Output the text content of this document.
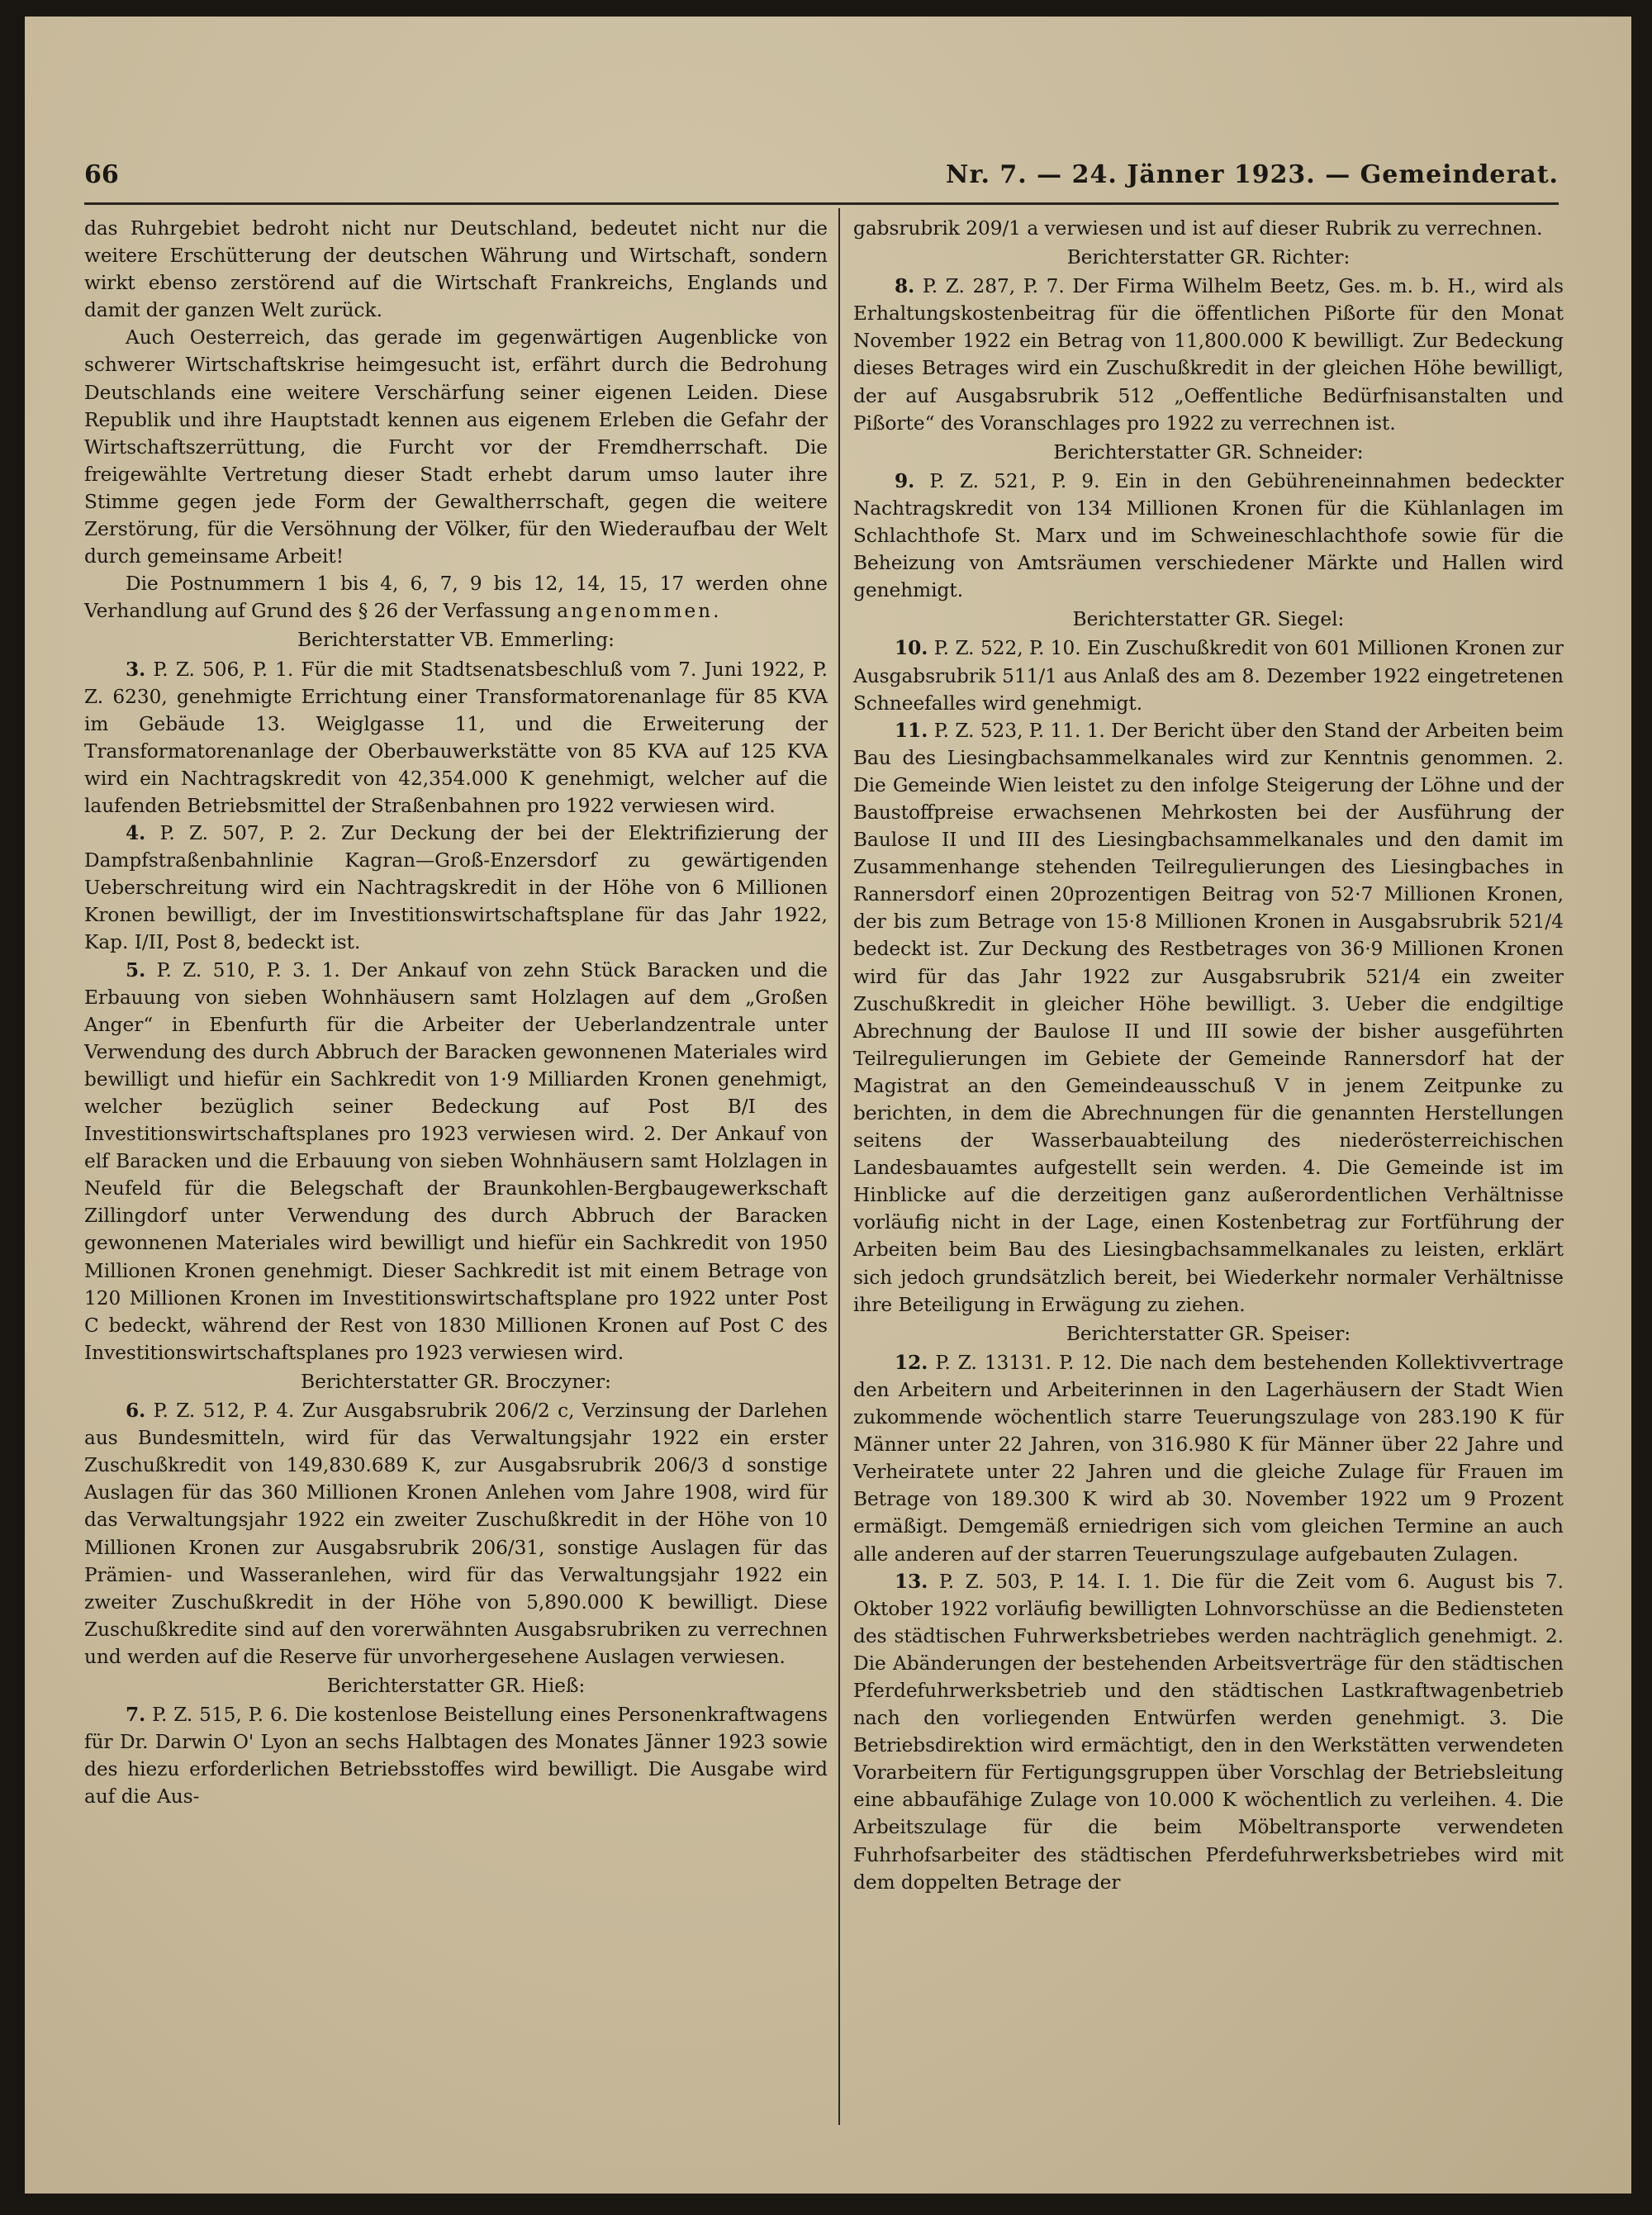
66	Nr. 7. — 24. Jänner 1923. — Gemeinderat.

das Ruhrgebiet bedroht nicht nur Deutschland, bedeutet nicht nur die weitere Erschütterung der deutschen Währung und Wirtschaft, sondern wirkt ebenso zerstörend auf die Wirtschaft Frankreichs, Englands und damit der ganzen Welt zurück.

Auch Oesterreich, das gerade im gegenwärtigen Augenblicke von schwerer Wirtschaftskrise heimgesucht ist, erfährt durch die Bedrohung Deutschlands eine weitere Verschärfung seiner eigenen Leiden. Diese Republik und ihre Hauptstadt kennen aus eigenem Erleben die Gefahr der Wirtschaftszerrüttung, die Furcht vor der Fremdherrschaft. Die freigewählte Vertretung dieser Stadt erhebt darum umso lauter ihre Stimme gegen jede Form der Gewaltherrschaft, gegen die weitere Zerstörung, für die Versöhnung der Völker, für den Wiederaufbau der Welt durch gemeinsame Arbeit!

Die Postnummern 1 bis 4, 6, 7, 9 bis 12, 14, 15, 17 werden ohne Verhandlung auf Grund des § 26 der Verfassung angenommen.

Berichterstatter VB. Emmerling:

3. P. Z. 506, P. 1. Für die mit Stadtsenatsbeschluß vom 7. Juni 1922, P. Z. 6230, genehmigte Errichtung einer Transformatorenanlage für 85 KVA im Gebäude 13. Weiglgasse 11, und die Erweiterung der Transformatorenanlage der Oberbauwerkstätte von 85 KVA auf 125 KVA wird ein Nachtragskredit von 42,354.000 K genehmigt, welcher auf die laufenden Betriebsmittel der Straßenbahnen pro 1922 verwiesen wird.

4. P. Z. 507, P. 2. Zur Deckung der bei der Elektrifizierung der Dampfstraßenbahnlinie Kagran—Groß-Enzersdorf zu gewärtigenden Ueberschreitung wird ein Nachtragskredit in der Höhe von 6 Millionen Kronen bewilligt, der im Investitionswirtschaftsplane für das Jahr 1922, Kap. I/II, Post 8, bedeckt ist.

5. P. Z. 510, P. 3. 1. Der Ankauf von zehn Stück Baracken und die Erbauung von sieben Wohnhäusern samt Holzlagen auf dem „Großen Anger“ in Ebenfurth für die Arbeiter der Ueberlandzentrale unter Verwendung des durch Abbruch der Baracken gewonnenen Materiales wird bewilligt und hiefür ein Sachkredit von 1·9 Milliarden Kronen genehmigt, welcher bezüglich seiner Bedeckung auf Post B/I des Investitionswirtschaftsplanes pro 1923 verwiesen wird. 2. Der Ankauf von elf Baracken und die Erbauung von sieben Wohnhäusern samt Holzlagen in Neufeld für die Belegschaft der Braunkohlen-Bergbaugewerkschaft Zillingdorf unter Verwendung des durch Abbruch der Baracken gewonnenen Materiales wird bewilligt und hiefür ein Sachkredit von 1950 Millionen Kronen genehmigt. Dieser Sachkredit ist mit einem Betrage von 120 Millionen Kronen im Investitionswirtschaftsplane pro 1922 unter Post C bedeckt, während der Rest von 1830 Millionen Kronen auf Post C des Investitionswirtschaftsplanes pro 1923 verwiesen wird.

Berichterstatter GR. Broczyner:

6. P. Z. 512, P. 4. Zur Ausgabsrubrik 206/2 c, Verzinsung der Darlehen aus Bundesmitteln, wird für das Verwaltungsjahr 1922 ein erster Zuschußkredit von 149,830.689 K, zur Ausgabsrubrik 206/3 d sonstige Auslagen für das 360 Millionen Kronen Anlehen vom Jahre 1908, wird für das Verwaltungsjahr 1922 ein zweiter Zuschußkredit in der Höhe von 10 Millionen Kronen zur Ausgabsrubrik 206/31, sonstige Auslagen für das Prämien- und Wasseranlehen, wird für das Verwaltungsjahr 1922 ein zweiter Zuschußkredit in der Höhe von 5,890.000 K bewilligt. Diese Zuschußkredite sind auf den vorerwähnten Ausgabsrubriken zu verrechnen und werden auf die Reserve für unvorhergesehene Auslagen verwiesen.

Berichterstatter GR. Hieß:

7. P. Z. 515, P. 6. Die kostenlose Beistellung eines Personenkraftwagens für Dr. Darwin O' Lyon an sechs Halbtagen des Monates Jänner 1923 sowie des hiezu erforderlichen Betriebsstoffes wird bewilligt. Die Ausgabe wird auf die Aus-

gabsrubrik 209/1 a verwiesen und ist auf dieser Rubrik zu verrechnen.

Berichterstatter GR. Richter:

8. P. Z. 287, P. 7. Der Firma Wilhelm Beetz, Ges. m. b. H., wird als Erhaltungskostenbeitrag für die öffentlichen Pißorte für den Monat November 1922 ein Betrag von 11,800.000 K bewilligt. Zur Bedeckung dieses Betrages wird ein Zuschußkredit in der gleichen Höhe bewilligt, der auf Ausgabsrubrik 512 „Oeffentliche Bedürfnisanstalten und Pißorte“ des Voranschlages pro 1922 zu verrechnen ist.

Berichterstatter GR. Schneider:

9. P. Z. 521, P. 9. Ein in den Gebühreneinnahmen bedeckter Nachtragskredit von 134 Millionen Kronen für die Kühlanlagen im Schlachthofe St. Marx und im Schweineschlachthofe sowie für die Beheizung von Amtsräumen verschiedener Märkte und Hallen wird genehmigt.

Berichterstatter GR. Siegel:

10. P. Z. 522, P. 10. Ein Zuschußkredit von 601 Millionen Kronen zur Ausgabsrubrik 511/1 aus Anlaß des am 8. Dezember 1922 eingetretenen Schneefalles wird genehmigt.

11. P. Z. 523, P. 11. 1. Der Bericht über den Stand der Arbeiten beim Bau des Liesingbachsammelkanales wird zur Kenntnis genommen. 2. Die Gemeinde Wien leistet zu den infolge Steigerung der Löhne und der Baustoffpreise erwachsenen Mehrkosten bei der Ausführung der Baulose II und III des Liesingbachsammelkanales und den damit im Zusammenhange stehenden Teilregulierungen des Liesingbaches in Rannersdorf einen 20prozentigen Beitrag von 52·7 Millionen Kronen, der bis zum Betrage von 15·8 Millionen Kronen in Ausgabsrubrik 521/4 bedeckt ist. Zur Deckung des Restbetrages von 36·9 Millionen Kronen wird für das Jahr 1922 zur Ausgabsrubrik 521/4 ein zweiter Zuschußkredit in gleicher Höhe bewilligt. 3. Ueber die endgiltige Abrechnung der Baulose II und III sowie der bisher ausgeführten Teilregulierungen im Gebiete der Gemeinde Rannersdorf hat der Magistrat an den Gemeindeausschuß V in jenem Zeitpunke zu berichten, in dem die Abrechnungen für die genannten Herstellungen seitens der Wasserbauabteilung des niederösterreichischen Landesbauamtes aufgestellt sein werden. 4. Die Gemeinde ist im Hinblicke auf die derzeitigen ganz außerordentlichen Verhältnisse vorläufig nicht in der Lage, einen Kostenbetrag zur Fortführung der Arbeiten beim Bau des Liesingbachsammelkanales zu leisten, erklärt sich jedoch grundsätzlich bereit, bei Wiederkehr normaler Verhältnisse ihre Beteiligung in Erwägung zu ziehen.

Berichterstatter GR. Speiser:

12. P. Z. 13131. P. 12. Die nach dem bestehenden Kollektivvertrage den Arbeitern und Arbeiterinnen in den Lagerhäusern der Stadt Wien zukommende wöchentlich starre Teuerungszulage von 283.190 K für Männer unter 22 Jahren, von 316.980 K für Männer über 22 Jahre und Verheiratete unter 22 Jahren und die gleiche Zulage für Frauen im Betrage von 189.300 K wird ab 30. November 1922 um 9 Prozent ermäßigt. Demgemäß erniedrigen sich vom gleichen Termine an auch alle anderen auf der starren Teuerungszulage aufgebauten Zulagen.

13. P. Z. 503, P. 14. I. 1. Die für die Zeit vom 6. August bis 7. Oktober 1922 vorläufig bewilligten Lohnvorschüsse an die Bediensteten des städtischen Fuhrwerksbetriebes werden nachträglich genehmigt. 2. Die Abänderungen der bestehenden Arbeitsverträge für den städtischen Pferdefuhrwerksbetrieb und den städtischen Lastkraftwagenbetrieb nach den vorliegenden Entwürfen werden genehmigt. 3. Die Betriebsdirektion wird ermächtigt, den in den Werkstätten verwendeten Vorarbeitern für Fertigungsgruppen über Vorschlag der Betriebsleitung eine abbaufähige Zulage von 10.000 K wöchentlich zu verleihen. 4. Die Arbeitszulage für die beim Möbeltransporte verwendeten Fuhrhofsarbeiter des städtischen Pferdefuhrwerksbetriebes wird mit dem doppelten Betrage der
